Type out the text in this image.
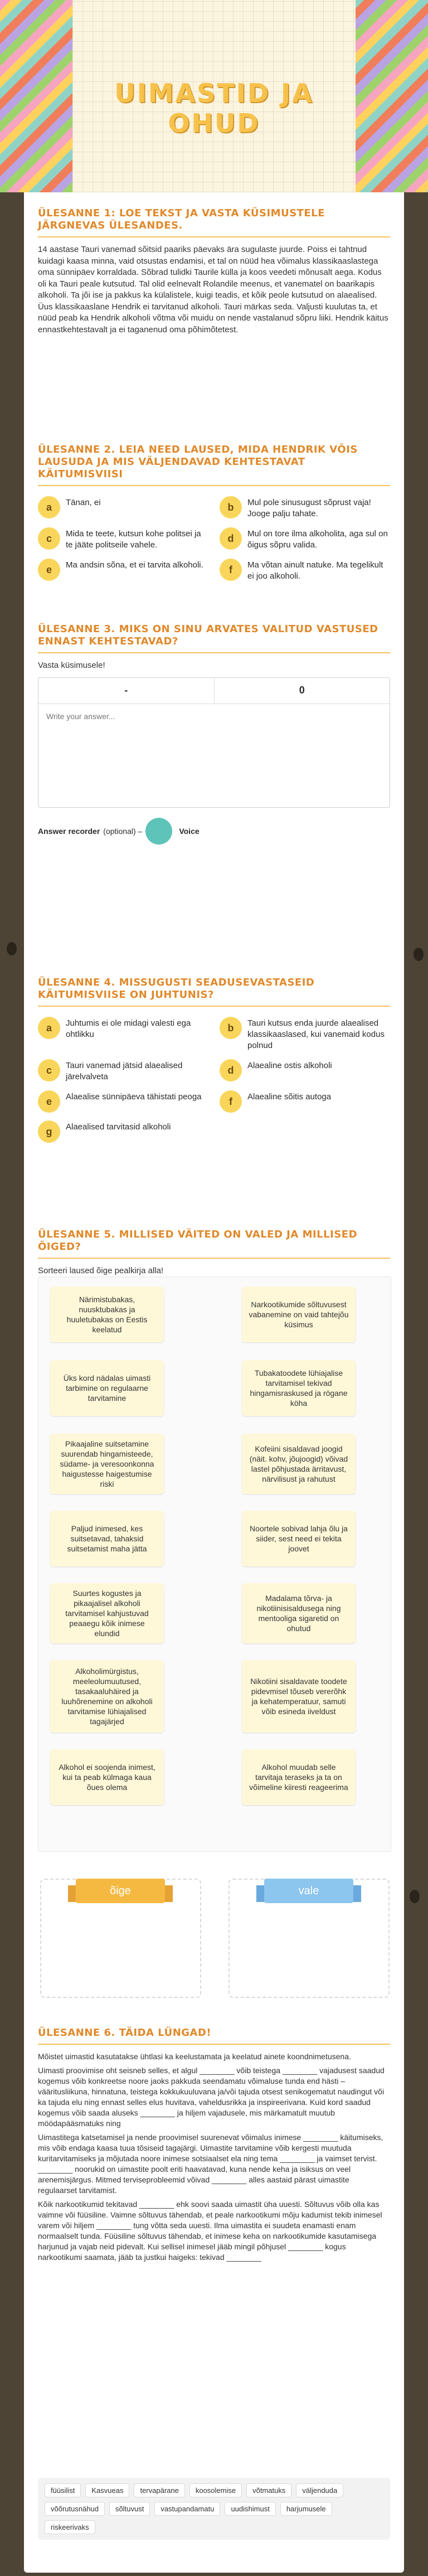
UIMASTID JA OHUD
ÜLESANNE 1: LOE TEKST JA VASTA KÜSIMUSTELE JÄRGNEVAS ÜLESANDES.
14 aastase Tauri vanemad sõitsid paariks päevaks ära sugulaste juurde. Poiss ei tahtnud kuidagi kaasa minna, vaid otsustas endamisi, et tal on nüüd hea võimalus klassikaaslastega oma sünnipäev korraldada. Sõbrad tulidki Taurile külla ja koos veedeti mõnusalt aega. Kodus oli ka Tauri peale kutsutud. Tal olid eelnevalt Rolandile meenus, et vanematel on baarikapis alkoholi. Ta jõi ise ja pakkus ka külalistele, kuigi teadis, et kõik peole kutsutud on alaealised. Üus klassikaaslane Hendrik ei tarvitanud alkoholi. Tauri märkas seda. Valjusti kuulutas ta, et nüüd peab ka Hendrik alkoholi võtma või muidu on nende vastalanud sõpru liiki. Hendrik käitus ennastkehtestavalt ja ei taganenud oma põhimõtetest.
ÜLESANNE 2. LEIA NEED LAUSED, MIDA HENDRIK VÕIS LAUSUDA JA MIS VÄLJENDAVAD KEHTESTAVAT KÄITUMISVIISI
a	Tänan, ei	b	Mul pole sinusugust sõprust vaja! Jooge palju tahate.
c	Mida te teete, kutsun kohe politsei ja te jääte politseile vahele.
d	Mul on tore ilma alkoholita, aga sul on õigus sõpru valida.
e	Ma andsin sõna, et ei tarvita alkoholi.	f	Ma võtan ainult natuke. Ma tegelikult ei joo alkoholi.
ÜLESANNE 3. MIKS ON SINU ARVATES VALITUD VASTUSED ENNAST KEHTESTAVAD?
Vasta küsimusele!
-	0
Write your answer...
Answer recorder (optional) –	Voice
ÜLESANNE 4. MISSUGUSTI SEADUSEVASTASEID KÄITUMISVIISE ON JUHTUNIS?
a	Juhtumis ei ole midagi valesti ega ohtlikku
b	Tauri kutsus enda juurde alaealised klassikaaslased, kui vanemaid kodus polnud
c	Tauri vanemad jätsid alaealised järelvalveta
d	Alaealine ostis alkoholi
e	Alaealise sünnipäeva tähistati peoga	f	Alaealine sõitis autoga
g	Alaealised tarvitasid alkoholi
ÜLESANNE 5. MILLISED VÄITED ON VALED JA MILLISED ÕIGED?
Sorteeri laused õige pealkirja alla!
Närimistubakas, nuusktubakas ja huuletubakas on Eestis keelatud
Narkootikumide sõltuvusest vabanemine on vaid tahtejõu küsimus
Üks kord nädalas uimasti tarbimine on regulaarne tarvitamine
Tubakatoodete lühiajalise tarvitamisel tekivad hingamisraskused ja rögane köha
Pikaajaline suitsetamine suurendab hingamisteede, südame- ja veresoonkonna haigustesse haigestumise riski
Kofeiini sisaldavad joogid (näit. kohv, jõujoogid) võivad lastel põhjustada ärritavust, närvilisust ja rahutust
Paljud inimesed, kes suitsetavad, tahaksid suitsetamist maha jätta
Noortele sobivad lahja õlu ja siider, sest need ei tekita joovet
Suurtes kogustes ja pikaajalisel alkoholi tarvitamisel kahjustuvad peaaegu kõik inimese elundid
Madalama tõrva- ja nikotiinisisaldusega ning mentooliga sigaretid on ohutud
Alkoholimürgistus, meeleolumuutused, tasakaaluhäired ja luuhõrenemine on alkoholi tarvitamise lühiajalised tagajärjed
Nikotiini sisaldavate toodete pidevmisel tõuseb vererõhk ja kehatemperatuur, samuti võib esineda iiveldust
Alkohol ei soojenda inimest, kui ta peab külmaga kaua õues olema
Alkohol muudab selle tarvitaja teraseks ja ta on võimeline kiiresti reageerima
õige	vale
ÜLESANNE 6. TÄIDA LÜNGAD!
Mõistet uimastid kasutatakse ühtlasi ka keelustamata ja keelatud ainete koondnimetusena.
Uimasti proovimise oht seisneb selles, et algul ________ võib teistega ________ vajadusest saadud kogemus võib konkreetse noore jaoks pakkuda seendamatu võimaluse tunda end hästi – vääritusliikuna, hinnatuna, teistega kokkukuuluvana ja/või tajuda otsest senikogematut naudingut või ka tajuda elu ning ennast selles elus huvitava, vaheldusrikka ja inspireerivana. Kuid kord saadud kogemus võib saada aluseks ________ ja hiljem vajadusele, mis märkamatult muutub möödapääsmatuks ning
Uimastitega katsetamisel ja nende proovimisel suurenevat võimalus inimese ________ käitumiseks, mis võib endaga kaasa tuua tõsiseid tagajärgi. Uimastite tarvitamine võib kergesti muutuda kuritarvitamiseks ja mõjutada noore inimese sotsiaalset ela ning tema ________ ja vaimset tervist. ________ noorukid on uimastite poolt eriti haavatavad, kuna nende keha ja isiksus on veel arenemisjärgus. Mitmed terviseprobleemid võivad ________ alles aastaid pärast uimastite regulaarset tarvitamist.
Kõik narkootikumid tekitavad ________ ehk soovi saada uimastit üha uuesti. Sõltuvus võib olla kas vaimne või füüsiline. Vaimne sõltuvus tähendab, et peale narkootikumi mõju kadumist tekib inimesel varem või hiljem ________ tung võtta seda uuesti. Ilma uimastita ei suudeta enamasti enam normaalselt tunda. Füüsiline sõltuvus tähendab, et inimese keha on narkootikumide kasutamisega harjunud ja vajab neid pidevalt. Kui sellisel inimesel jääb mingil põhjusel ________ kogus narkootikumi saamata, jääb ta justkui haigeks: tekivad ________
füüsilist	Kasvueas	tervapärane	koosolemise	võtmatuks	väljenduda
võõrutusnähud	sõltuvust	vastupandamatu	uudishimust	harjumusele
riskeerivaks
